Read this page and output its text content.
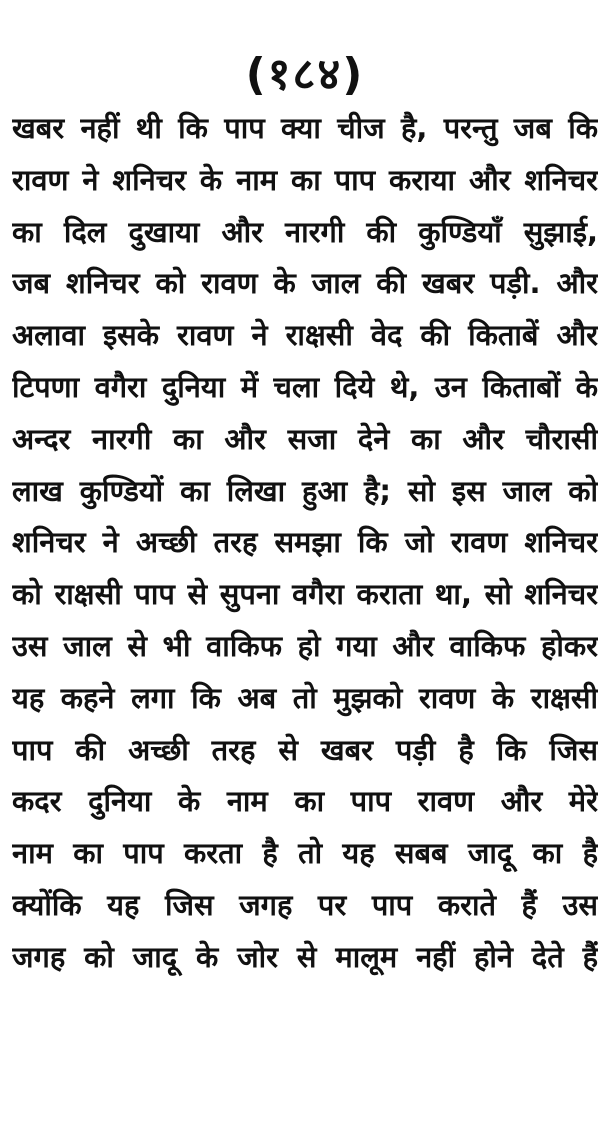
(१८४)
खबर नहीं थी कि पाप क्या चीज है, परन्तु जब कि
रावण ने शनिचर के नाम का पाप कराया और शनिचर
का दिल दुखाया और नारगी की कुण्डियाँ सुझाई,
जब शनिचर को रावण के जाल की खबर पड़ी. और
अलावा इसके रावण ने राक्षसी वेद की किताबें और
टिपणा वगैरा दुनिया में चला दिये थे, उन किताबों के
अन्दर नारगी का और सजा देने का और चौरासी
लाख कुण्डियों का लिखा हुआ है; सो इस जाल को
शनिचर ने अच्छी तरह समझा कि जो रावण शनिचर
को राक्षसी पाप से सुपना वगैरा कराता था, सो शनिचर
उस जाल से भी वाकिफ हो गया और वाकिफ होकर
यह कहने लगा कि अब तो मुझको रावण के राक्षसी
पाप की अच्छी तरह से खबर पड़ी है कि जिस
कदर दुनिया के नाम का पाप रावण और मेरे
नाम का पाप करता है तो यह सबब जादू का है
क्योंकि यह जिस जगह पर पाप कराते हैं उस
जगह को जादू के जोर से मालूम नहीं होने देते हैं
